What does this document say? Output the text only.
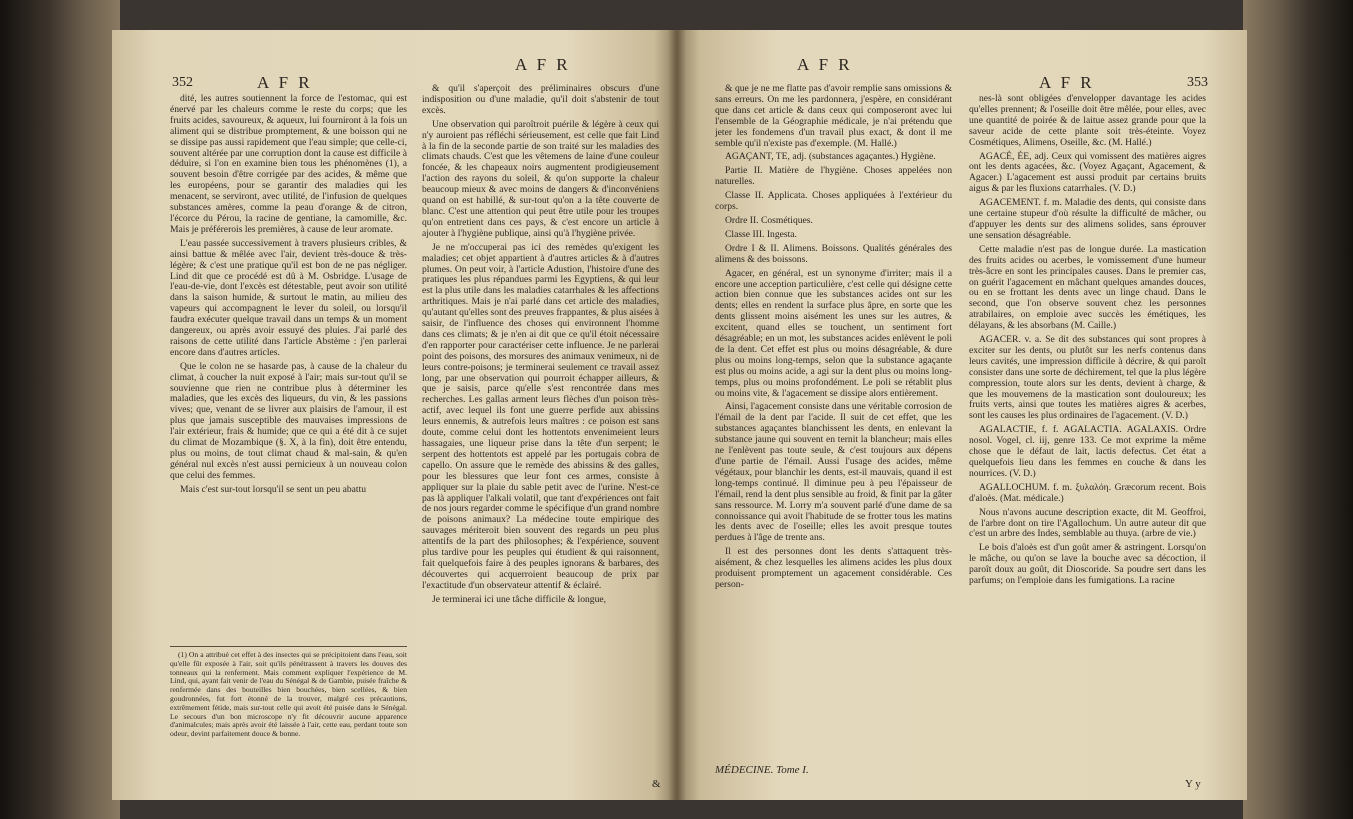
352	A F R
A F R

dité, les autres soutiennent la force de l'estomac, qui est énervé par les chaleurs comme le reste du corps; que les fruits acides, savoureux, & aqueux, lui fourniront à la fois un aliment qui se distribue promptement, & une boisson qui ne se dissipe pas aussi rapidement que l'eau simple; que celle-ci, souvent altérée par une corruption dont la cause est difficile à déduire, si l'on en examine bien tous les phénomènes (1), a souvent besoin d'être corrigée par des acides, & même que les européens, pour se garantir des maladies qui les menacent, se serviront, avec utilité, de l'infusion de quelques substances amères, comme la peau d'orange & de citron, l'écorce du Pérou, la racine de gentiane, la camomille, &c. Mais je préférerois les premières, à cause de leur aromate.

L'eau passée successivement à travers plusieurs cribles, & ainsi battue & mêlée avec l'air, devient très-douce & très-légère; & c'est une pratique qu'il est bon de ne pas négliger. Lind dit que ce procédé est dû à M. Osbridge. L'usage de l'eau-de-vie, dont l'excès est détestable, peut avoir son utilité dans la saison humide, & surtout le matin, au milieu des vapeurs qui accompagnent le lever du soleil, ou lorsqu'il faudra exécuter quelque travail dans un temps & un moment dangereux, ou après avoir essuyé des pluies. J'ai parlé des raisons de cette utilité dans l'article Abstème : j'en parlerai encore dans d'autres articles.

Que le colon ne se hasarde pas, à cause de la chaleur du climat, à coucher la nuit exposé à l'air; mais sur-tout qu'il se souvienne que rien ne contribue plus à déterminer les maladies, que les excès des liqueurs, du vin, & les passions vives; que, venant de se livrer aux plaisirs de l'amour, il est plus que jamais susceptible des mauvaises impressions de l'air extérieur, frais & humide; que ce qui a été dit à ce sujet du climat de Mozambique (§. X, à la fin), doit être entendu, plus ou moins, de tout climat chaud & mal-sain, & qu'en général nul excès n'est aussi pernicieux à un nouveau colon que celui des femmes.

Mais c'est sur-tout lorsqu'il se sent un peu abattu

(1) On a attribué cet effet à des insectes qui se précipitoient dans l'eau, soit qu'elle fût exposée à l'air, soit qu'ils pénétrassent à travers les douves des tonneaux qui la renferment. Mais comment expliquer l'expérience de M. Lind, qui, ayant fait venir de l'eau du Sénégal & de Gambie, puisée fraîche & renfermée dans des bouteilles bien bouchées, bien scellées, & bien goudronnées, fut fort étonné de la trouver, malgré ces précautions, extrêmement fétide, mais sur-tout celle qui avoit été puisée dans le Sénégal. Le secours d'un bon microscope n'y fit découvrir aucune apparence d'animalcules; mais après avoir été laissée à l'air, cette eau, perdant toute son odeur, devint parfaitement douce & bonne.

& qu'il s'aperçoit des préliminaires obscurs d'une indisposition ou d'une maladie, qu'il doit s'abstenir de tout excès.

Une observation qui paroîtroit puérile & légère à ceux qui n'y auroient pas réfléchi sérieusement, est celle que fait Lind à la fin de la seconde partie de son traité sur les maladies des climats chauds. C'est que les vêtemens de laine d'une couleur foncée, & les chapeaux noirs augmentent prodigieusement l'action des rayons du soleil, & qu'on supporte la chaleur beaucoup mieux & avec moins de dangers & d'inconvéniens quand on est habillé, & sur-tout qu'on a la tête couverte de blanc. C'est une attention qui peut être utile pour les troupes qu'on entretient dans ces pays, & c'est encore un article à ajouter à l'hygiène publique, ainsi qu'à l'hygiène privée.

Je ne m'occuperai pas ici des remèdes qu'exigent les maladies; cet objet appartient à d'autres articles & à d'autres plumes. On peut voir, à l'article Adustion, l'histoire d'une des pratiques les plus répandues parmi les Egyptiens, & qui leur est la plus utile dans les maladies catarrhales & les affections arthritiques. Mais je n'ai parlé dans cet article des maladies, qu'autant qu'elles sont des preuves frappantes, & plus aisées à saisir, de l'influence des choses qui environnent l'homme dans ces climats; & je n'en ai dit que ce qu'il étoit nécessaire d'en rapporter pour caractériser cette influence. Je ne parlerai point des poisons, des morsures des animaux venimeux, ni de leurs contre-poisons; je terminerai seulement ce travail assez long, par une observation qui pourroit échapper ailleurs, & que je saisis, parce qu'elle s'est rencontrée dans mes recherches. Les gallas arment leurs flèches d'un poison très-actif, avec lequel ils font une guerre perfide aux abissins leurs ennemis, & autrefois leurs maîtres : ce poison est sans doute, comme celui dont les hottentots envenimeient leurs hassagaies, une liqueur prise dans la tête d'un serpent; le serpent des hottentots est appelé par les portugais cobra de capello. On assure que le remède des abissins & des galles, pour les blessures que leur font ces armes, consiste à appliquer sur la plaie du sable petit avec de l'urine. N'est-ce pas là appliquer l'alkali volatil, que tant d'expériences ont fait de nos jours regarder comme le spécifique d'un grand nombre de poisons animaux? La médecine toute empirique des sauvages mériteroit bien souvent des regards un peu plus attentifs de la part des philosophes; & l'expérience, souvent plus tardive pour les peuples qui étudient & qui raisonnent, fait quelquefois faire à des peuples ignorans & barbares, des découvertes qui acquerroient beaucoup de prix par l'exactitude d'un observateur attentif & éclairé.

Je terminerai ici une tâche difficile & longue,

&
A F R
A F R	353

& que je ne me flatte pas d'avoir remplie sans omissions & sans erreurs. On me les pardonnera, j'espère, en considérant que dans cet article & dans ceux qui composeront avec lui l'ensemble de la Géographie médicale, je n'ai prétendu que jeter les fondemens d'un travail plus exact, & dont il me semble qu'il n'existe pas d'exemple. (M. Hallé.)

AGAÇANT, TE, adj. (substances agaçantes.) Hygiène.

Partie II. Matière de l'hygiène. Choses appelées non naturelles.

Classe II. Applicata. Choses appliquées à l'extérieur du corps.

Ordre II. Cosmétiques.

Classe III. Ingesta.

Ordre I & II. Alimens. Boissons. Qualités générales des alimens & des boissons.

Agacer, en général, est un synonyme d'irriter; mais il a encore une acception particulière, c'est celle qui désigne cette action bien connue que les substances acides ont sur les dents; elles en rendent la surface plus âpre, en sorte que les dents glissent moins aisément les unes sur les autres, & excitent, quand elles se touchent, un sentiment fort désagréable; en un mot, les substances acides enlèvent le poli de la dent. Cet effet est plus ou moins désagréable, & dure plus ou moins long-temps, selon que la substance agaçante est plus ou moins acide, a agi sur la dent plus ou moins long-temps, plus ou moins profondément. Le poli se rétablit plus ou moins vite, & l'agacement se dissipe alors entièrement.

Ainsi, l'agacement consiste dans une véritable corrosion de l'émail de la dent par l'acide. Il suit de cet effet, que les substances agaçantes blanchissent les dents, en enlevant la substance jaune qui souvent en ternit la blancheur; mais elles ne l'enlèvent pas toute seule, & c'est toujours aux dépens d'une partie de l'émail. Aussi l'usage des acides, même végétaux, pour blanchir les dents, est-il mauvais, quand il est long-temps continué. Il diminue peu à peu l'épaisseur de l'émail, rend la dent plus sensible au froid, & finit par la gâter sans ressource. M. Lorry m'a souvent parlé d'une dame de sa connoissance qui avoit l'habitude de se frotter tous les matins les dents avec de l'oseille; elles les avoit presque toutes perdues à l'âge de trente ans.

Il est des personnes dont les dents s'attaquent très-aisément, & chez lesquelles les alimens acides les plus doux produisent promptement un agacement considérable. Ces person-

MÉDECINE. Tome I.

nes-là sont obligées d'envelopper davantage les acides qu'elles prennent; & l'oseille doit être mêlée, pour elles, avec une quantité de poirée & de laitue assez grande pour que la saveur acide de cette plante soit très-éteinte. Voyez Cosmétiques, Alimens, Oseille, &c. (M. Hallé.)

AGACÉ, ÉE, adj. Ceux qui vomissent des matières aigres ont les dents agacées, &c. (Voyez Agaçant, Agacement, & Agacer.) L'agacement est aussi produit par certains bruits aigus & par les fluxions catarrhales. (V. D.)

AGACEMENT. f. m. Maladie des dents, qui consiste dans une certaine stupeur d'où résulte la difficulté de mâcher, ou d'appuyer les dents sur des alimens solides, sans éprouver une sensation désagréable.

Cette maladie n'est pas de longue durée. La mastication des fruits acides ou acerbes, le vomissement d'une humeur très-âcre en sont les principales causes. Dans le premier cas, on guérit l'agacement en mâchant quelques amandes douces, ou en se frottant les dents avec un linge chaud. Dans le second, que l'on observe souvent chez les personnes atrabilaires, on emploie avec succès les émétiques, les délayans, & les absorbans (M. Caille.)

AGACER. v. a. Se dit des substances qui sont propres à exciter sur les dents, ou plutôt sur les nerfs contenus dans leurs cavités, une impression difficile à décrire, & qui paroît consister dans une sorte de déchirement, tel que la plus légère compression, toute alors sur les dents, devient à charge, & que les mouvemens de la mastication sont douloureux; les fruits verts, ainsi que toutes les matières aigres & acerbes, sont les causes les plus ordinaires de l'agacement. (V. D.)

AGALACTIE, f. f. AGALACTIA. AGALAXIS. Ordre nosol. Vogel, cl. iij, genre 133. Ce mot exprime la même chose que le défaut de lait, lactis defectus. Cet état a quelquefois lieu dans les femmes en couche & dans les nourrices. (V. D.)

AGALLOCHUM. f. m. ξυλαλόη. Græcorum recent. Bois d'aloès. (Mat. médicale.)

Nous n'avons aucune description exacte, dit M. Geoffroi, de l'arbre dont on tire l'Agallochum. Un autre auteur dit que c'est un arbre des Indes, semblable au thuya. (arbre de vie.)

Le bois d'aloès est d'un goût amer & astringent. Lorsqu'on le mâche, ou qu'on se lave la bouche avec sa décoction, il paroît doux au goût, dit Dioscoride. Sa poudre sert dans les parfums; on l'emploie dans les fumigations. La racine

Y y
